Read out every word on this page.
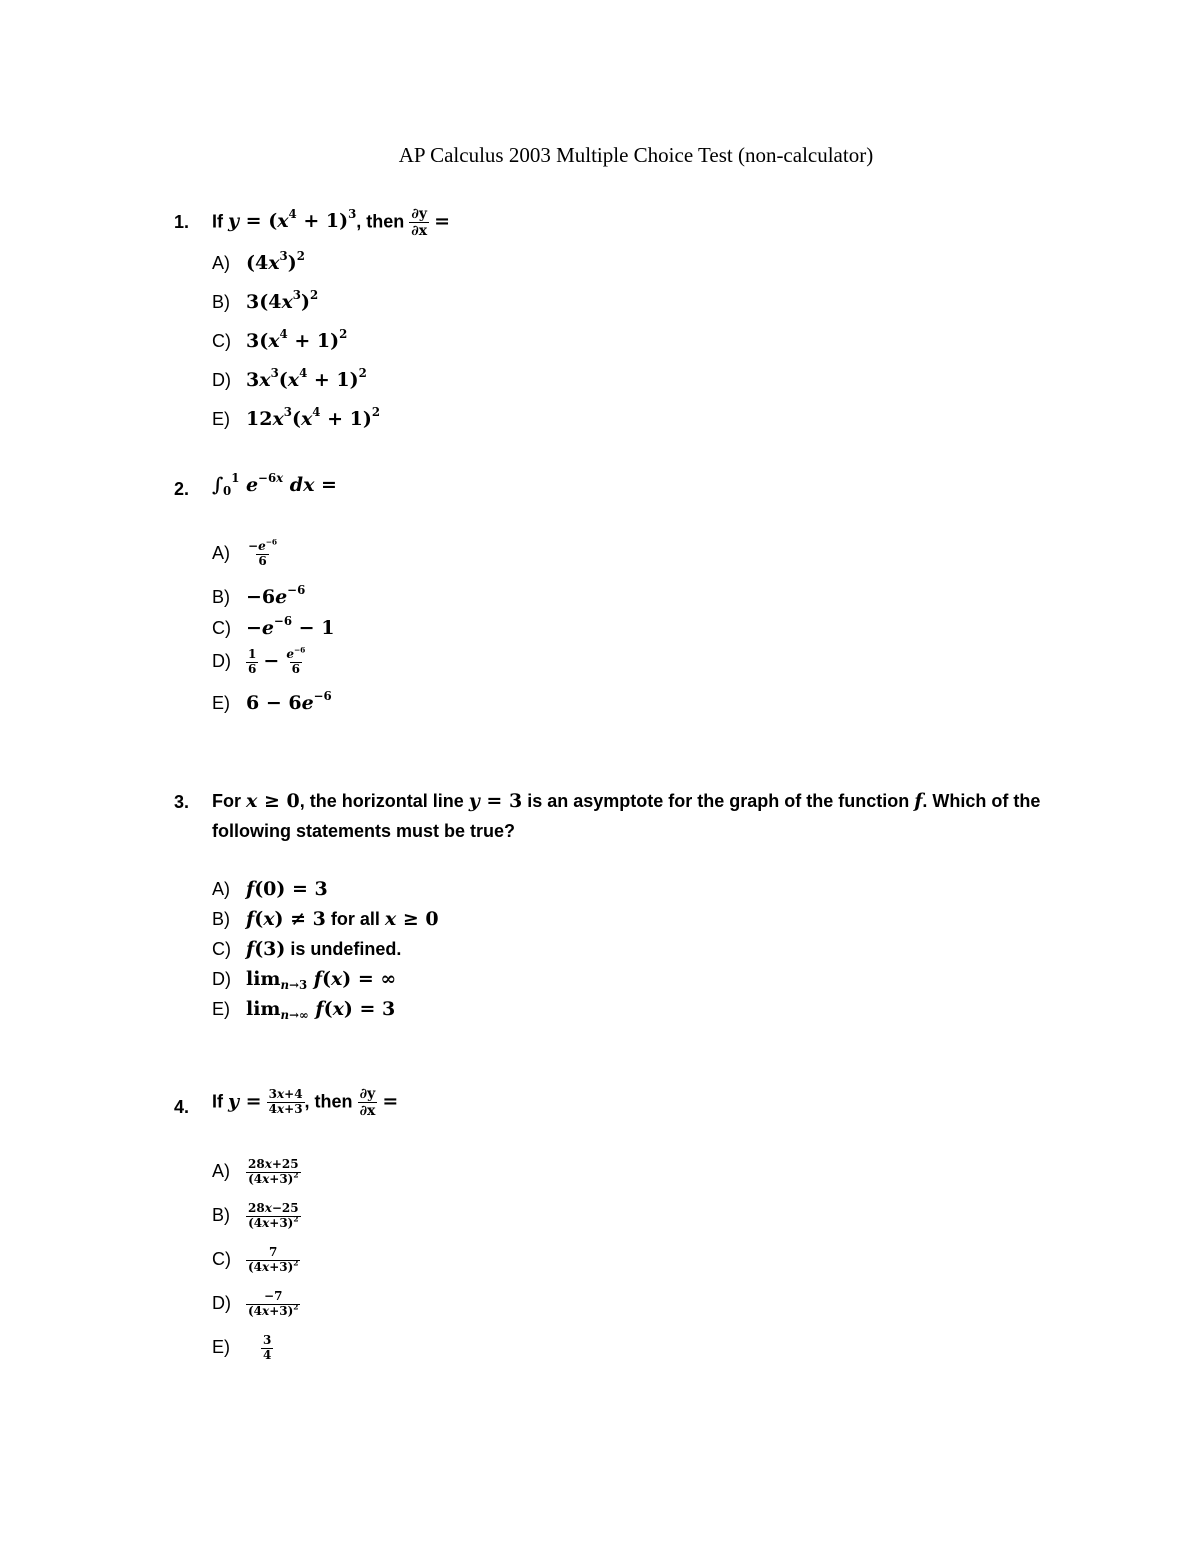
AP Calculus 2003 Multiple Choice Test (non-calculator)
1. If $y = (x^4 + 1)^3$, then $\frac{\partial y}{\partial x}$ =
A) $(4x^3)^2$
B) $3(4x^3)^2$
C) $3(x^4 + 1)^2$
D) $3x^3(x^4 + 1)^2$
E) $12x^3(x^4 + 1)^2$
2. $\int_0^1$ $e^{-6x}$ dx =
$A) \frac{-e^{-6}}{6}$
$B) -6e^{-6}$
$C) -e^{-6} - 1$
$D) \frac{1}{6} - \frac{e^{-6}}{6}$
E) $6 - 6e^{-6}$
3. For x ≥ 0, the horizontal line y = 3 is an asymptote for the graph of the function f. Which of the following statements must be true?
A) f(0) = 3
B) f(x) ≠ 3 for all x ≥ 0
C) f(3) is undefined.
D) $\lim_{n\to 3} f(x)$ = ∞
E) $\lim_{n\to\infty} f(x) = 3$
4. If $y = \frac{3x+4}{4x+3}$ , then $\frac{\partial y}{\partial x}$ =
$A) \frac{28x+25}{(4x+3)^2}$
$B) \frac{28x-25}{(4x+3)^2}$
$C) \frac{7}{(4x+3)^2}$
$D) \frac{-7}{(4x+3)^2}$
E)	$\frac{3}{4}$
